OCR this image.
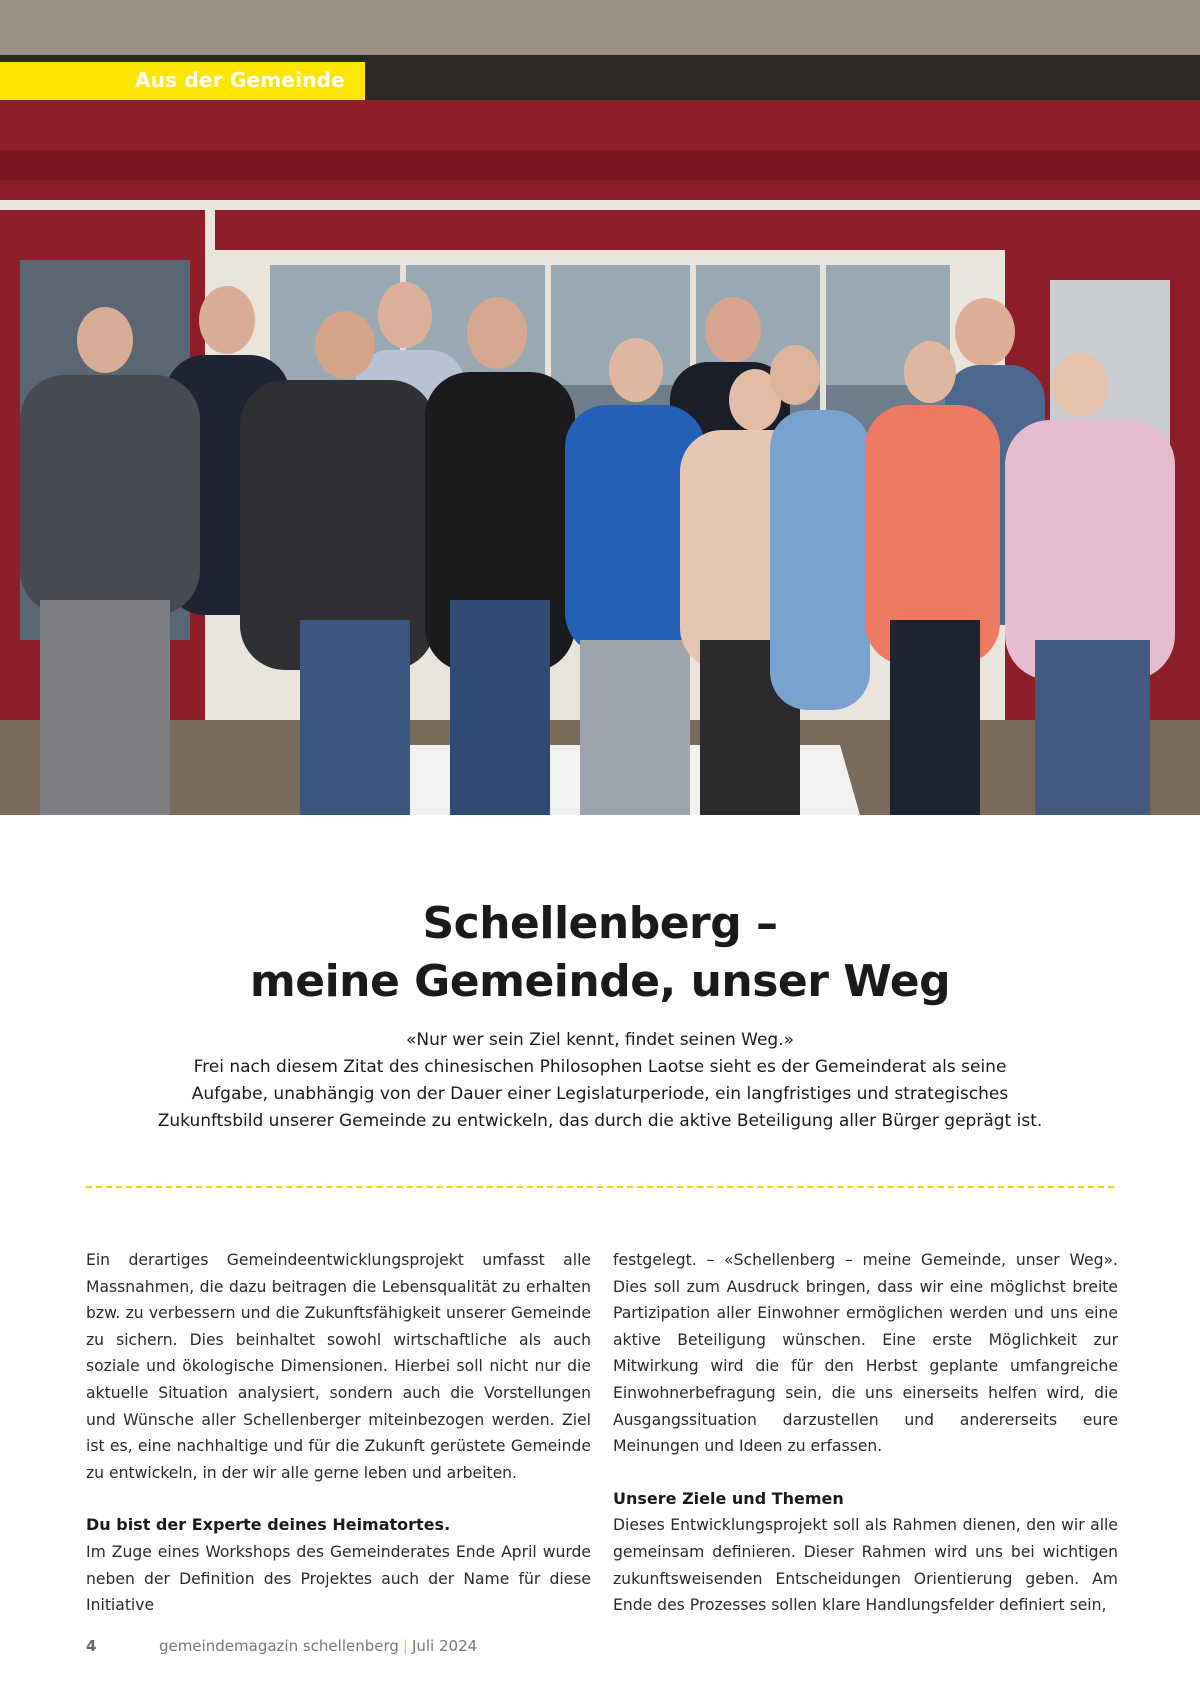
Aus der Gemeinde
Schellenberg –
meine Gemeinde, unser Weg
«Nur wer sein Ziel kennt, findet seinen Weg.»
Frei nach diesem Zitat des chinesischen Philosophen Laotse sieht es der Gemeinderat als seine
Aufgabe, unabhängig von der Dauer einer Legislaturperiode, ein langfristiges und strategisches
Zukunftsbild unserer Gemeinde zu entwickeln, das durch die aktive Beteiligung aller Bürger geprägt ist.

Ein derartiges Gemeindeentwicklungsprojekt umfasst alle Massnahmen, die dazu beitragen die Lebensqualität zu erhalten bzw. zu verbessern und die Zukunftsfähigkeit unserer Gemeinde zu sichern. Dies beinhaltet sowohl wirtschaftliche als auch soziale und ökologische Dimensionen. Hierbei soll nicht nur die aktuelle Situation analysiert, sondern auch die Vorstellungen und Wünsche aller Schellenberger miteinbezogen werden. Ziel ist es, eine nachhaltige und für die Zukunft gerüstete Gemeinde zu entwickeln, in der wir alle gerne leben und arbeiten.

Du bist der Experte deines Heimatortes.

Im Zuge eines Workshops des Gemeinderates Ende April wurde neben der Definition des Projektes auch der Name für diese Initiative

festgelegt. – «Schellenberg – meine Gemeinde, unser Weg». Dies soll zum Ausdruck bringen, dass wir eine möglichst breite Partizipation aller Einwohner ermöglichen werden und uns eine aktive Beteiligung wünschen. Eine erste Möglichkeit zur Mitwirkung wird die für den Herbst geplante umfangreiche Einwohnerbefragung sein, die uns einerseits helfen wird, die Ausgangssituation darzustellen und andererseits eure Meinungen und Ideen zu erfassen.

Unsere Ziele und Themen

Dieses Entwicklungsprojekt soll als Rahmen dienen, den wir alle gemeinsam definieren. Dieser Rahmen wird uns bei wichtigen zukunftsweisenden Entscheidungen Orientierung geben. Am Ende des Prozesses sollen klare Handlungsfelder definiert sein,

4	gemeindemagazin schellenberg | Juli 2024
